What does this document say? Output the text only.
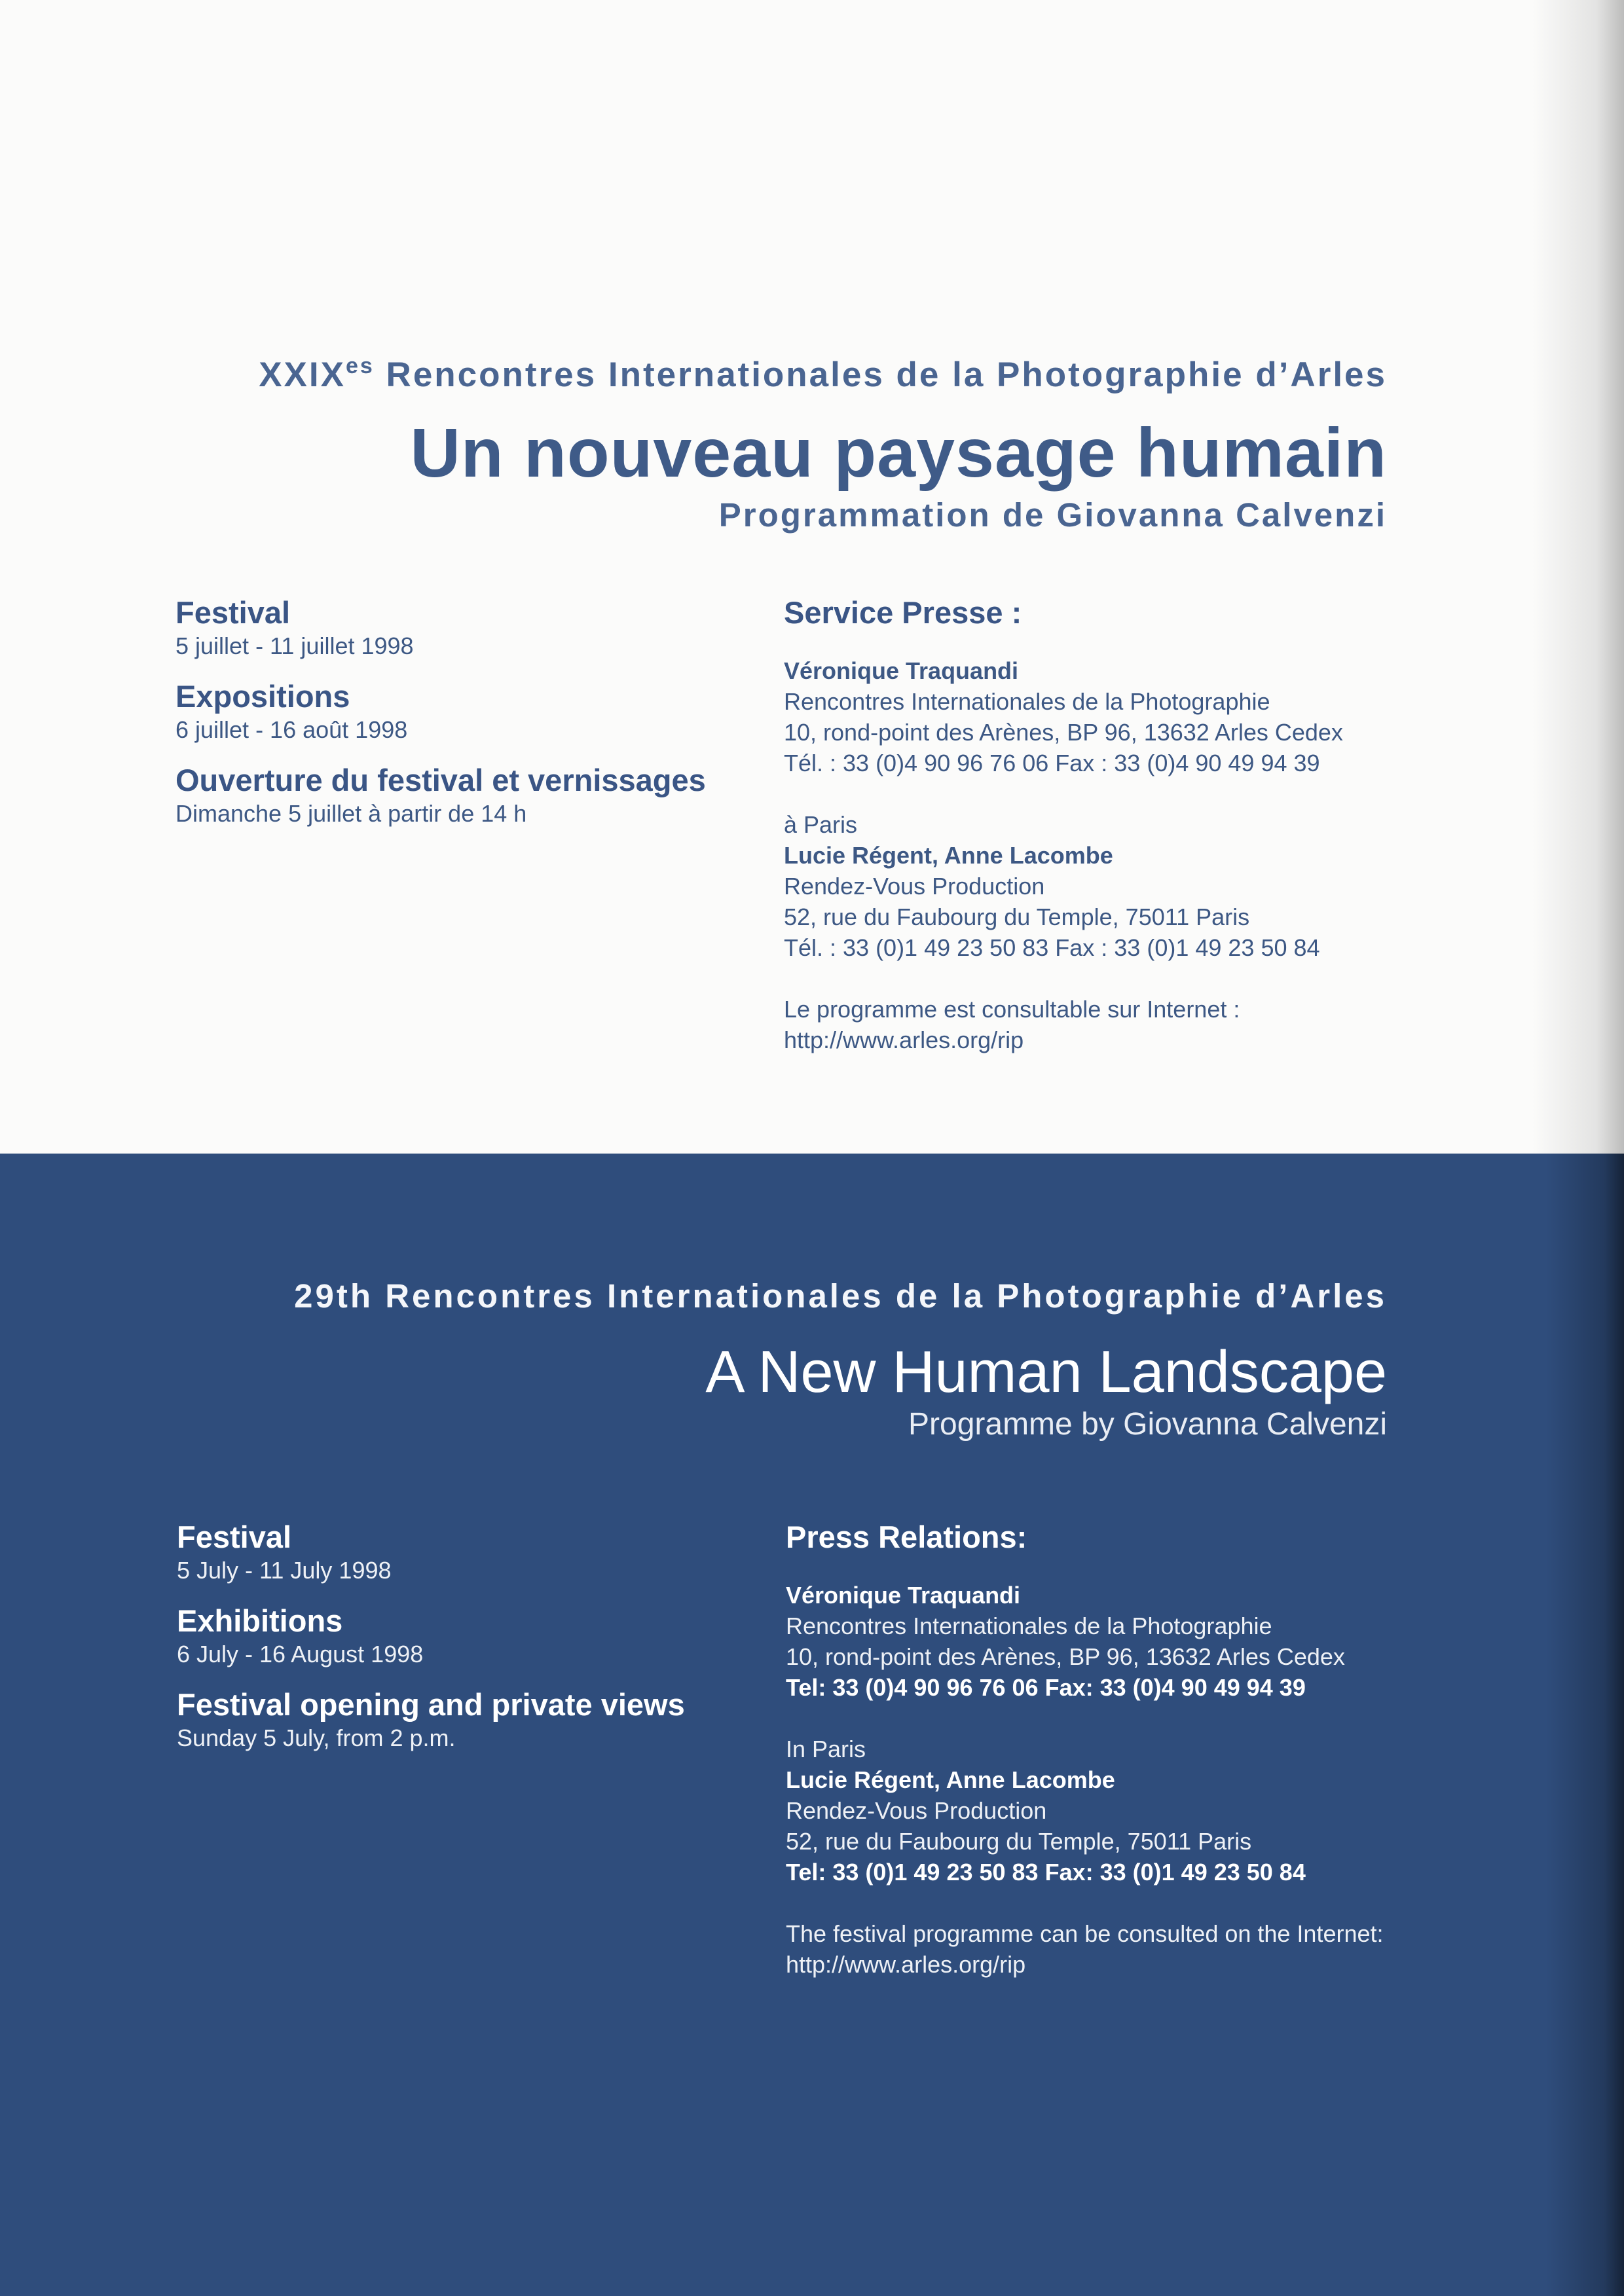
$XXIX^{es}$ Rencontres Internationales de la Photographie d’Arles
Un nouveau paysage humain
Programmation de Giovanna Calvenzi
Festival
5 juillet - 11 juillet 1998
Expositions
6 juillet - 16 août 1998
Ouverture du festival et vernissages
Dimanche 5 juillet à partir de 14 h
Service Presse :
Véronique Traquandi
Rencontres Internationales de la Photographie
10, rond-point des Arènes, BP 96, 13632 Arles Cedex
Tél. : 33 (0)4 90 96 76 06 Fax : 33 (0)4 90 49 94 39
à Paris
Lucie Régent, Anne Lacombe
Rendez-Vous Production
52, rue du Faubourg du Temple, 75011 Paris
Tél. : 33 (0)1 49 23 50 83 Fax : 33 (0)1 49 23 50 84
Le programme est consultable sur Internet :
http://www.arles.org/rip
29th Rencontres Internationales de la Photographie d’Arles
A New Human Landscape
Programme by Giovanna Calvenzi
Festival
5 July - 11 July 1998
Exhibitions
6 July - 16 August 1998
Festival opening and private views
Sunday 5 July, from 2 p.m.
Press Relations:
Véronique Traquandi
Rencontres Internationales de la Photographie
10, rond-point des Arènes, BP 96, 13632 Arles Cedex
Tel: 33 (0)4 90 96 76 06 Fax: 33 (0)4 90 49 94 39
In Paris
Lucie Régent, Anne Lacombe
Rendez-Vous Production
52, rue du Faubourg du Temple, 75011 Paris
Tel: 33 (0)1 49 23 50 83 Fax: 33 (0)1 49 23 50 84
The festival programme can be consulted on the Internet:
http://www.arles.org/rip
